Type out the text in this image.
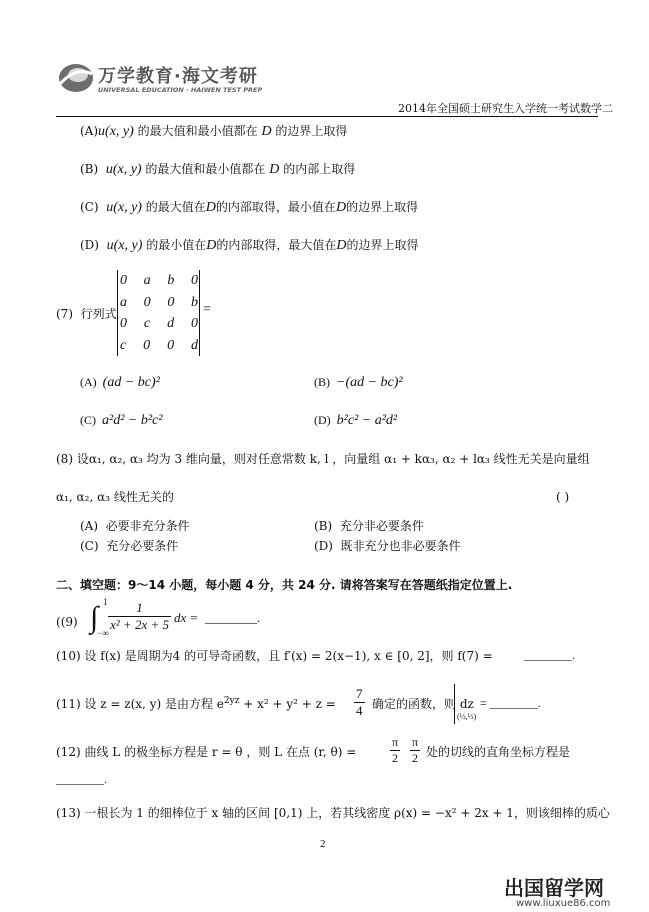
万学教育·海文考研
UNIVERSAL EDUCATION · HAIWEN TEST PREP
2014年全国硕士研究生入学统一考试数学二
(A)u(x, y) 的最大值和最小值都在 D 的边界上取得
(B) u(x, y) 的最大值和最小值都在 D 的内部上取得
(C) u(x, y) 的最大值在D的内部取得，最小值在D的边界上取得
(D) u(x, y) 的最小值在D的内部取得，最大值在D的边界上取得
(7) 行列式
0 a b 0
a 0 0 b
0 c d 0
c 0 0 d
=
(A) (ad − bc)²	(B) −(ad − bc)²
(C) a²d² − b²c²	(D) b²c² − a²d²
(8) 设α₁, α₂, α₃ 均为 3 维向量，则对任意常数 k, l ，向量组 α₁ + kα₃, α₂ + lα₃ 线性无关是向量组
α₁, α₂, α₃ 线性无关的	( )
(A) 必要非充分条件	(B) 充分非必要条件
(C) 充分必要条件	(D) 既非充分也非必要条件
二、填空题：9～14 小题，每小题 4 分，共 24 分. 请将答案写在答题纸指定位置上.
((9) ∫ 1
−∞ $\frac{1}{\text{x² + 2x + 5}}$ dx = ________.
(10) 设 f(x) 是周期为4 的可导奇函数，且 f′(x) = 2(x−1), x ∈ [0, 2]，则 f(7) =	________.
(11) 设 z = z(x, y) 是由方程 $e^{2yz} + x^2 + y^2 + z = \frac{7}{4}$ 确定的函数，则 dz
(½,½)
= ________.
(12) 曲线 L 的极坐标方程是 r = θ ，则 L 在点 (r, θ) =	$\frac{\pi}{2} \frac{\pi}{2}$ 处的切线的直角坐标方程是
________.
(13) 一根长为 1 的细棒位于 x 轴的区间 [0,1) 上，若其线密度 ρ(x) = −x² + 2x + 1，则该细棒的质心
2
出国留学网
www.liuxue86.com
